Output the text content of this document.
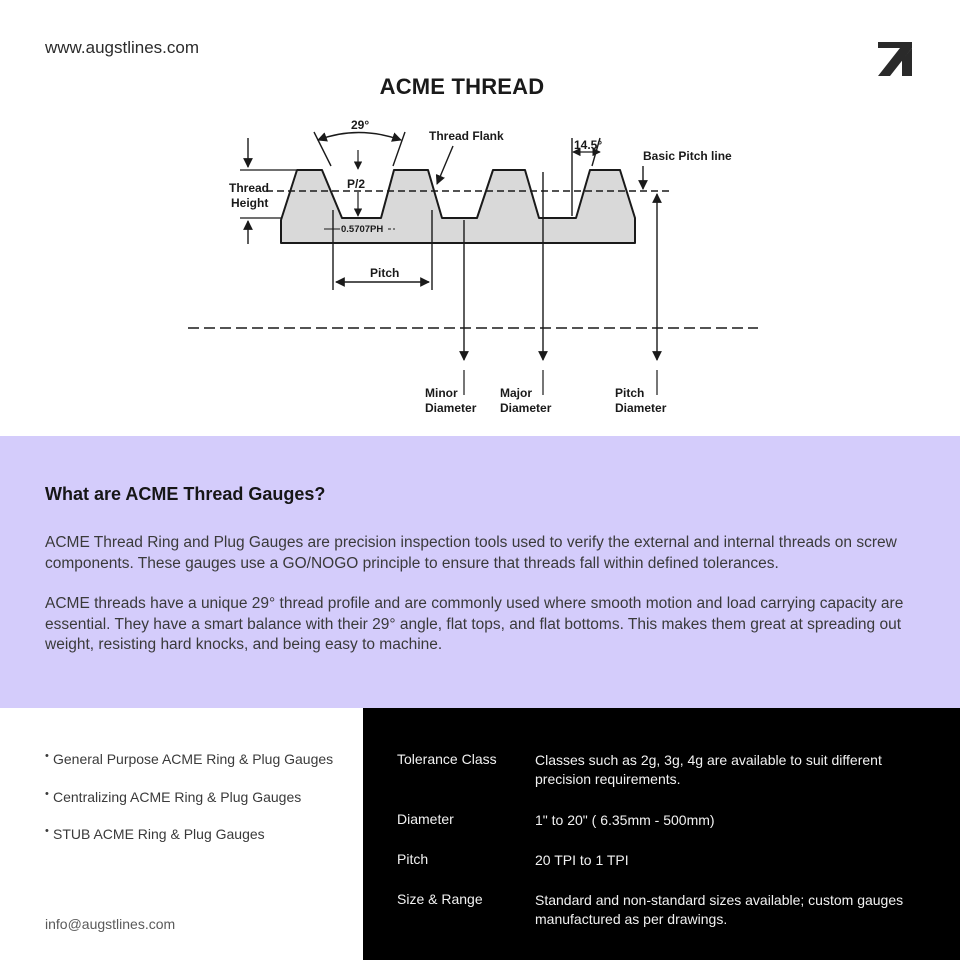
www.augstlines.com
ACME THREAD
29°
Thread Flank
14.5°
Basic Pitch line
Thread
Height
P/2
0.5707PH
Pitch
Minor
Diameter
Major
Diameter
Pitch
Diameter
What are ACME Thread Gauges?

ACME Thread Ring and Plug Gauges are precision inspection tools used to verify the external and internal threads on screw components. These gauges use a GO/NOGO principle to ensure that threads fall within defined tolerances.

ACME threads have a unique 29° thread profile and are commonly used where smooth motion and load carrying capacity are essential. They have a smart balance with their 29° angle, flat tops, and flat bottoms. This makes them great at spreading out weight, resisting hard knocks, and being easy to machine.

• General Purpose ACME Ring & Plug Gauges
• Centralizing ACME Ring & Plug Gauges
• STUB ACME Ring & Plug Gauges
info@augstlines.com
Tolerance Class	Classes such as 2g, 3g, 4g are available to suit different precision requirements.
Diameter	1" to 20" ( 6.35mm - 500mm)
Pitch	20 TPI to 1 TPI
Size & Range	Standard and non-standard sizes available; custom gauges manufactured as per drawings.
